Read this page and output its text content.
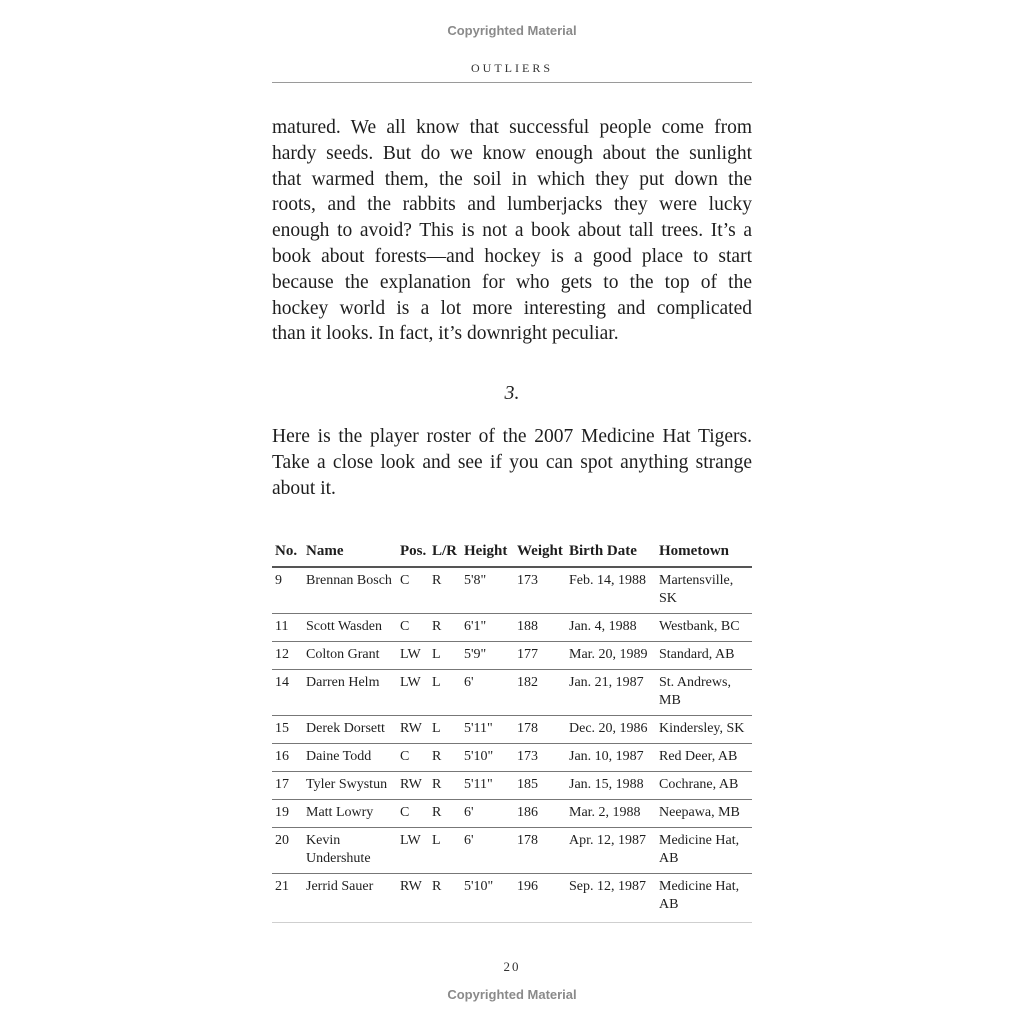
Copyrighted Material
OUTLIERS

matured. We all know that successful people come from
hardy seeds. But do we know enough about the sunlight
that warmed them, the soil in which they put down the
roots, and the rabbits and lumberjacks they were lucky
enough to avoid? This is not a book about tall trees. It’s a
book about forests—and hockey is a good place to start
because the explanation for who gets to the top of the
hockey world is a lot more interesting and complicated
than it looks. In fact, it’s downright peculiar.

3.

Here is the player roster of the 2007 Medicine Hat Tigers.
Take a close look and see if you can spot anything strange
about it.

No.	Name	Pos.	L/R	Height	Weight	Birth Date	Hometown
9	Brennan Bosch	C	R	5'8"	173	Feb. 14, 1988	Martensville, SK
11	Scott Wasden	C	R	6'1"	188	Jan. 4, 1988	Westbank, BC
12	Colton Grant	LW	L	5'9"	177	Mar. 20, 1989	Standard, AB
14	Darren Helm	LW	L	6'	182	Jan. 21, 1987	St. Andrews, MB
15	Derek Dorsett	RW	L	5'11"	178	Dec. 20, 1986	Kindersley, SK
16	Daine Todd	C	R	5'10"	173	Jan. 10, 1987	Red Deer, AB
17	Tyler Swystun	RW	R	5'11"	185	Jan. 15, 1988	Cochrane, AB
19	Matt Lowry	C	R	6'	186	Mar. 2, 1988	Neepawa, MB
20	Kevin Undershute	LW	L	6'	178	Apr. 12, 1987	Medicine Hat, AB
21	Jerrid Sauer	RW	R	5'10"	196	Sep. 12, 1987	Medicine Hat, AB
20
Copyrighted Material
